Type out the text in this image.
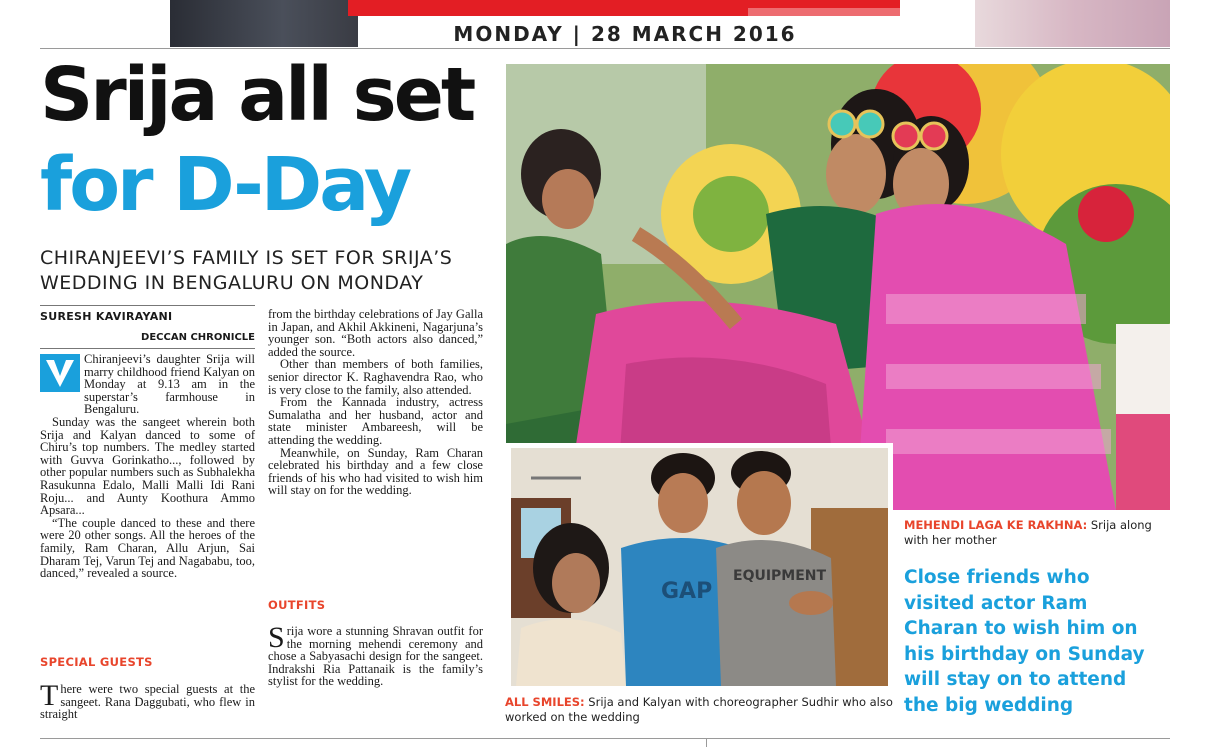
MONDAY | 28 MARCH 2016
Srija all set
for D-Day
CHIRANJEEVI’S FAMILY IS SET FOR SRIJA’S
WEDDING IN BENGALURU ON MONDAY
SURESH KAVIRAYANI
DECCAN CHRONICLE

Chiranjeevi’s daughter Srija will marry childhood friend Kalyan on Monday at 9.13 am in the superstar’s farmhouse in Bengaluru.

Sunday was the sangeet wherein both Srija and Kalyan danced to some of Chiru’s top numbers. The medley started with Guvva Gorinkatho..., followed by other popular numbers such as Subhalekha Rasukunna Edalo, Malli Malli Idi Rani Roju... and Aunty Koothura Ammo Apsara...

“The couple danced to these and there were 20 other songs. All the heroes of the family, Ram Charan, Allu Arjun, Sai Dharam Tej, Varun Tej and Nagababu, too, danced,” revealed a source.

SPECIAL GUESTS
T here were two special guests at the sangeet. Rana Daggubati, who flew in straight

from the birthday celebrations of Jay Galla in Japan, and Akhil Akkineni, Nagarjuna’s younger son. “Both actors also danced,” added the source.

Other than members of both families, senior director K. Raghavendra Rao, who is very close to the family, also attended.

From the Kannada industry, actress Sumalatha and her husband, actor and state minister Ambareesh, will be attending the wedding.

Meanwhile, on Sunday, Ram Charan celebrated his birthday and a few close friends of his who had visited to wish him will stay on for the wedding.

OUTFITS
S rija wore a stunning Shravan outfit for the morning mehendi ceremony and chose a Sabyasachi design for the sangeet. Indrakshi Ria Pattanaik is the family’s stylist for the wedding.
GAP
EQUIPMENT
MEHENDI LAGA KE RAKHNA: Srija along with her mother
Close friends who visited actor Ram Charan to wish him on his birthday on Sunday will stay on to attend the big wedding
ALL SMILES: Srija and Kalyan with choreographer Sudhir who also worked on the wedding
